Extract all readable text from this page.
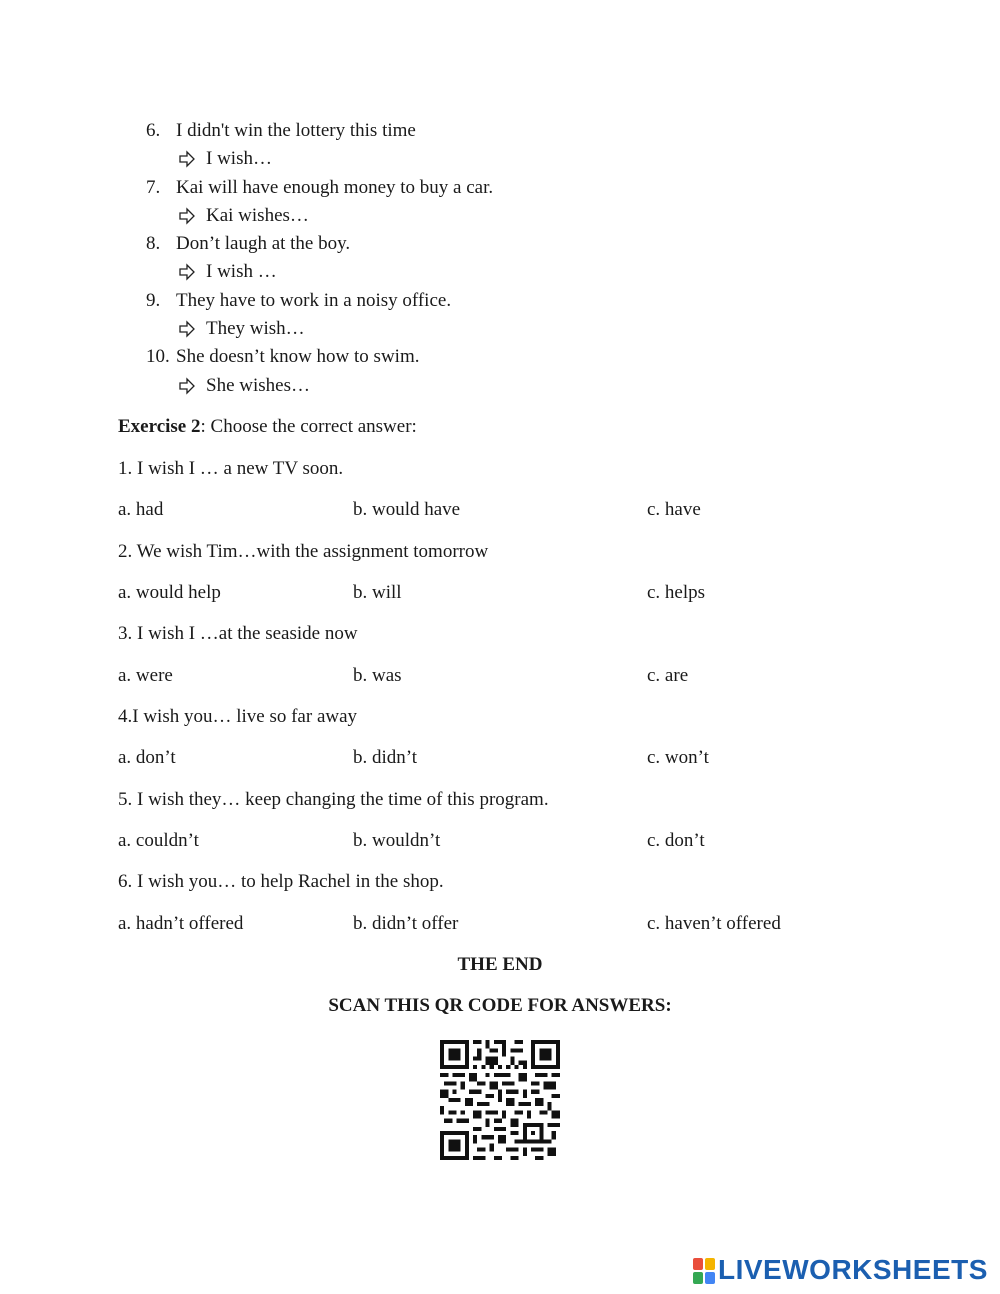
6. I didn't win the lottery this time
I wish…
7. Kai will have enough money to buy a car.
Kai wishes…
8. Don’t laugh at the boy.
I wish …
9. They have to work in a noisy office.
They wish…
10. She doesn’t know how to swim.
She wishes…
Exercise 2: Choose the correct answer:
1. I wish I … a new TV soon.
a. had	b. would have	c. have
2. We wish Tim…with the assignment tomorrow
a. would help	b. will	c. helps
3. I wish I …at the seaside now
a. were	b. was	c. are
4.I wish you… live so far away
a. don’t	b. didn’t	c. won’t
5. I wish they… keep changing the time of this program.
a. couldn’t	b. wouldn’t	c. don’t
6. I wish you… to help Rachel in the shop.
a. hadn’t offered	b. didn’t offer	c. haven’t offered
THE END
SCAN THIS QR CODE FOR ANSWERS:
LIVEWORKSHEETS
